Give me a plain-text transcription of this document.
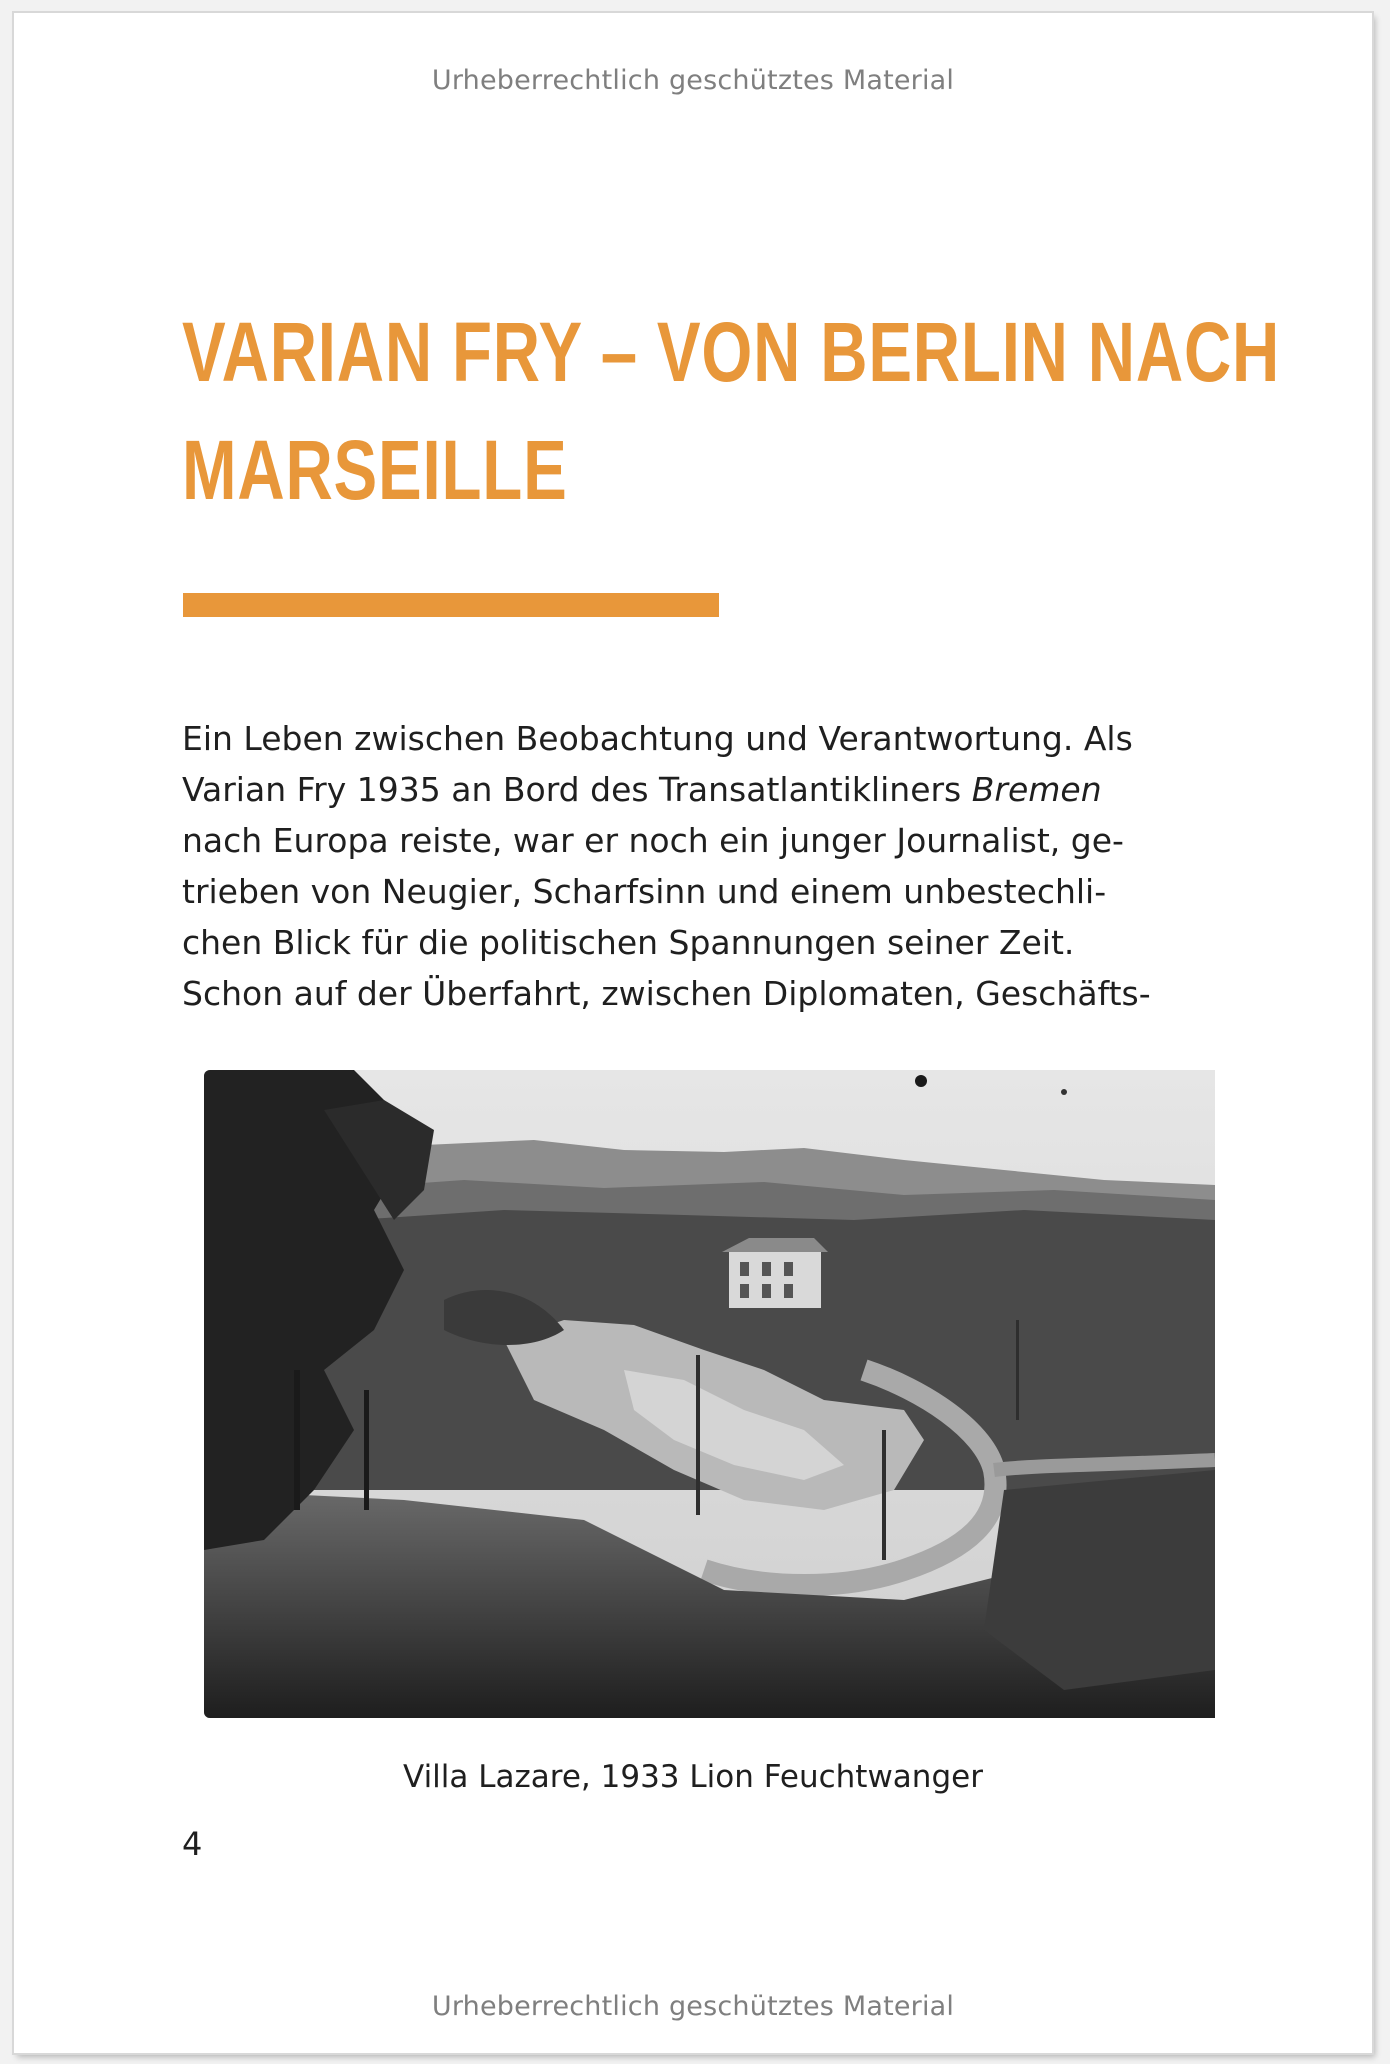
Urheberrechtlich geschütztes Material
VARIAN FRY – VON BERLIN NACH
MARSEILLE

Ein Leben zwischen Beobachtung und Verantwortung. Als
Varian Fry 1935 an Bord des Transatlantikliners Bremen
nach Europa reiste, war er noch ein junger Journalist, ge-
trieben von Neugier, Scharfsinn und einem unbestechli-
chen Blick für die politischen Spannungen seiner Zeit.
Schon auf der Überfahrt, zwischen Diplomaten, Geschäfts-

Villa Lazare, 1933 Lion Feuchtwanger
4
Urheberrechtlich geschütztes Material
